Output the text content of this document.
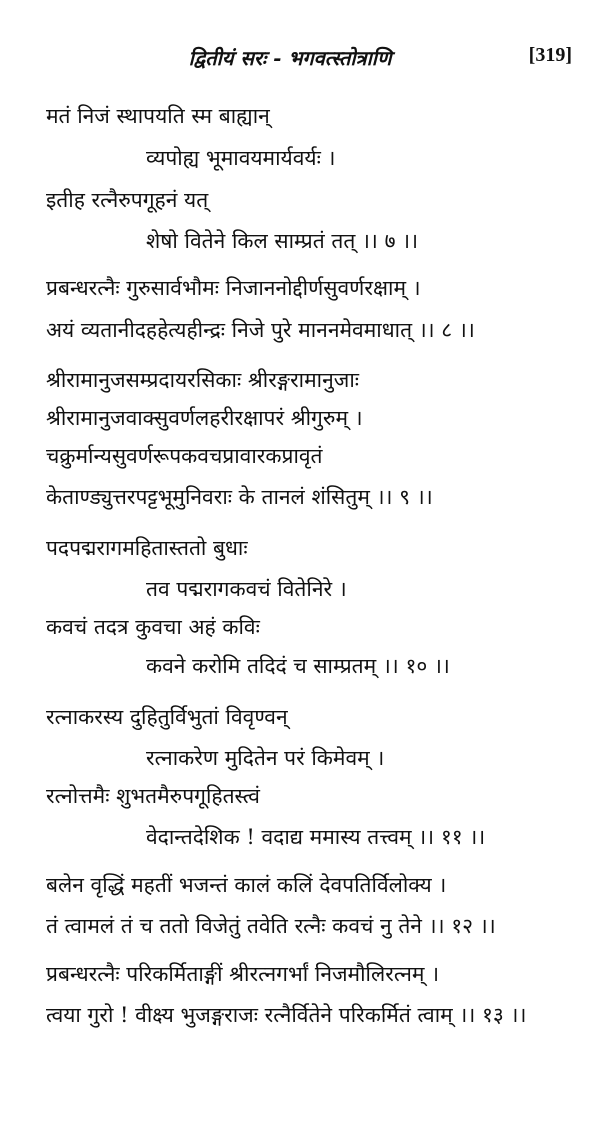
द्वितीयं सरः - भगवत्स्तोत्राणि	[319]
मतं निजं स्थापयति स्म बाह्यान्
व्यपोह्य भूमावयमार्यवर्यः ।
इतीह रत्नैरुपगूहनं यत्
शेषो वितेने किल साम्प्रतं तत् ।। ७ ।।
प्रबन्धरत्नैः गुरुसार्वभौमः निजाननोद्दीर्णसुवर्णरक्षाम् ।
अयं व्यतानीदहहेत्यहीन्द्रः निजे पुरे माननमेवमाधात् ।। ८ ।।
श्रीरामानुजसम्प्रदायरसिकाः श्रीरङ्गरामानुजाः
श्रीरामानुजवाक्सुवर्णलहरीरक्षापरं श्रीगुरुम् ।
चक्रुर्मान्यसुवर्णरूपकवचप्रावारकप्रावृतं
केताण्ड्युत्तरपट्टभूमुनिवराः के तानलं शंसितुम् ।। ९ ।।
पदपद्मरागमहितास्ततो बुधाः
तव पद्मरागकवचं वितेनिरे ।
कवचं तदत्र कुवचा अहं कविः
कवने करोमि तदिदं च साम्प्रतम् ।। १० ।।
रत्नाकरस्य दुहितुर्विभुतां विवृण्वन्
रत्नाकरेण मुदितेन परं किमेवम् ।
रत्नोत्तमैः शुभतमैरुपगूहितस्त्वं
वेदान्तदेशिक ! वदाद्य ममास्य तत्त्वम् ।। ११ ।।
बलेन वृद्धिं महतीं भजन्तं कालं कलिं देवपतिर्विलोक्य ।
तं त्वामलं तं च ततो विजेतुं तवेति रत्नैः कवचं नु तेने ।। १२ ।।
प्रबन्धरत्नैः परिकर्मिताङ्गीं श्रीरत्नगर्भां निजमौलिरत्नम् ।
त्वया गुरो ! वीक्ष्य भुजङ्गराजः रत्नैर्वितेने परिकर्मितं त्वाम् ।। १३ ।।
